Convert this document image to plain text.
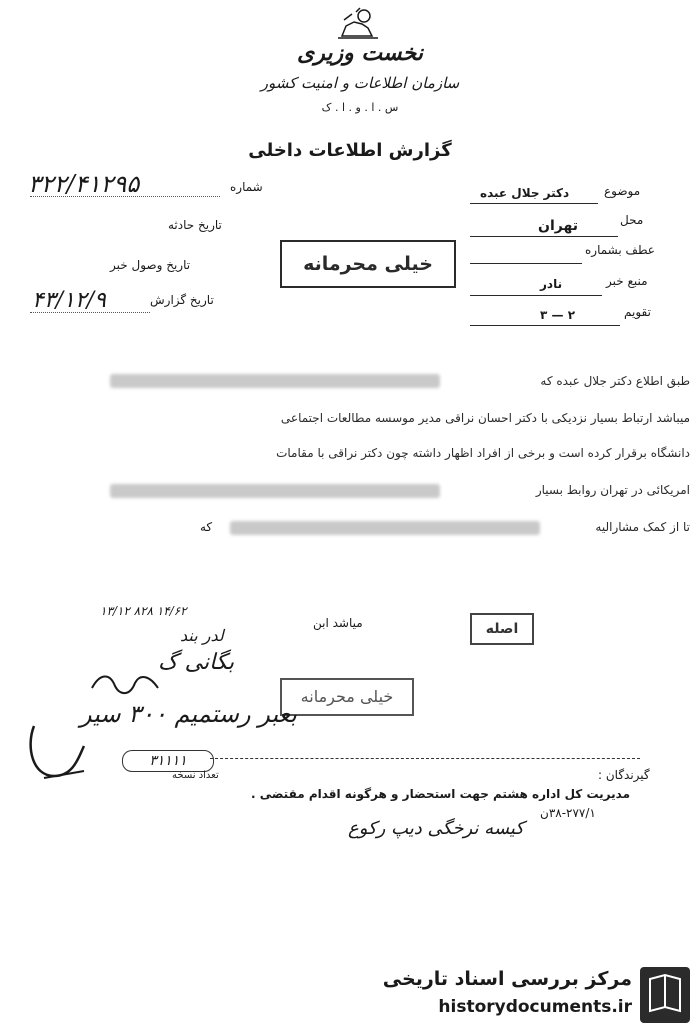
نخست وزیری
سازمان اطلاعات و امنیت کشور
س . ا . و . ا . ک
گزارش اطلاعات داخلی
شماره
۳۲۲/۴۱۲۹۵
تاریخ حادثه
تاریخ وصول خبر
تاریخ گزارش
۴۳/۱۲/۹
موضوع
دکتر جلال عبده
محل
تهران
عطف بشماره
منبع خبر
نادر
تقویم
۲ — ۳
خیلی محرمانه
طبق اطلاع دکتر جلال عبده که
میباشد ارتباط بسیار نزدیکی با دکتر احسان نراقی مدیر موسسه مطالعات اجتماعی
دانشگاه برقرار کرده است و برخی از افراد اظهار داشته چون دکتر نراقی با مقامات
امریکائی در تهران روابط بسیار
تا از کمک مشارالیه
که
۱۳/۱۲ ۸۲۸ ۱۴/۶۲
میاشد ابن	اصله
خیلی محرمانه
لدر بند
بگانی گ
بعبر رستمیم ۳۰۰ سیر
۳۱۱۱۱
تعداد نسخه	گیرندگان :
مدیریت کل اداره هشتم جهت استحضار و هرگونه اقدام مقتضی .
۳۸-۲۷۷/۱ن
کیسه نرخگی دیپ رکوع
مرکز بررسی اسناد تاریخی
historydocuments.ir
